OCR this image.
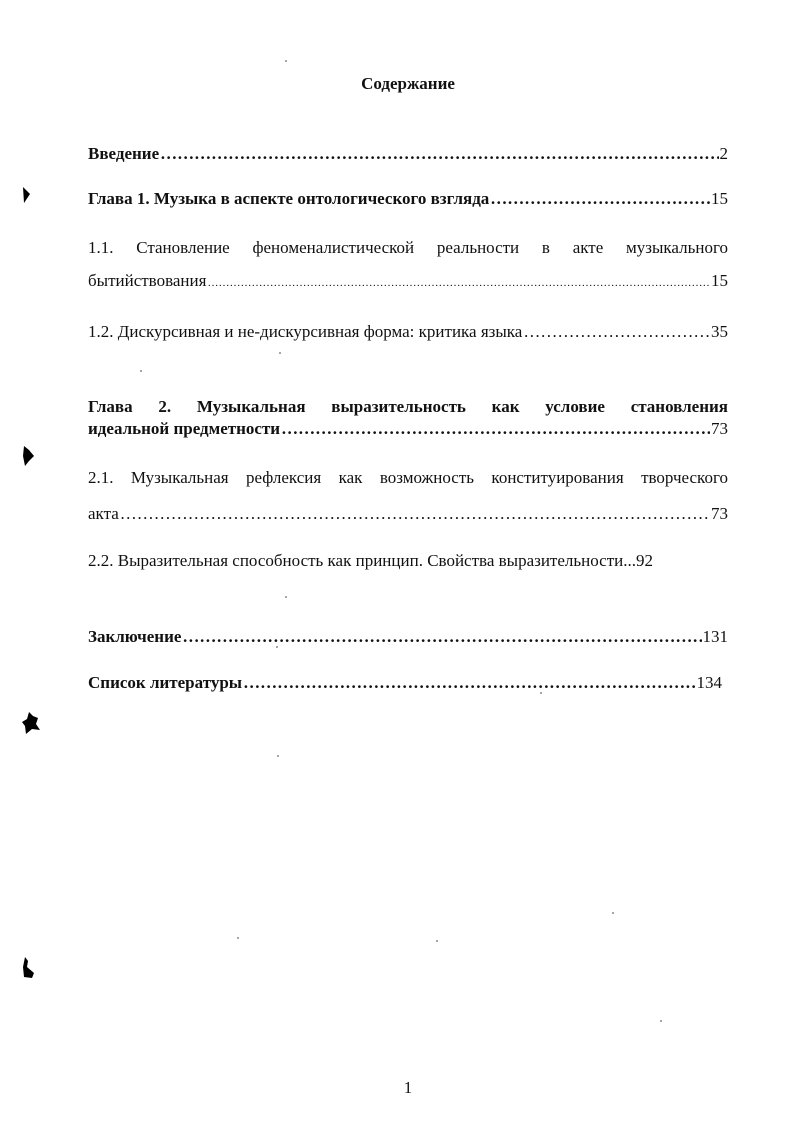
Содержание
Введение ……………………………………………………………………………………………………………………………………………………………………………………………………………………………	2
Глава 1. Музыка в аспекте онтологического взгляда ……………………………………………………………………………………………………………………………………………………………………………………………………………………………	15
1.1. Становление феноменалистической реальности в акте музыкального
бытийствования ……………………………………………………………………………………………………………………………………………………………………………………………………………………………	15
1.2. Дискурсивная и не-дискурсивная форма: критика языка ……………………………………………………………………………………………………………………………………………………………………………………………………………………………	35
Глава 2. Музыкальная выразительность как условие становления
идеальной предметности ……………………………………………………………………………………………………………………………………………………………………………………………………………………………	73
2.1. Музыкальная рефлексия как возможность конституирования творческого
акта ……………………………………………………………………………………………………………………………………………………………………………………………………………………………	73
2.2. Выразительная способность как принцип. Свойства выразительности...92
Заключение ……………………………………………………………………………………………………………………………………………………………………………………………………………………………	131
Список литературы ……………………………………………………………………………………………………………………………………………………………………………………………………………………………	134
1
